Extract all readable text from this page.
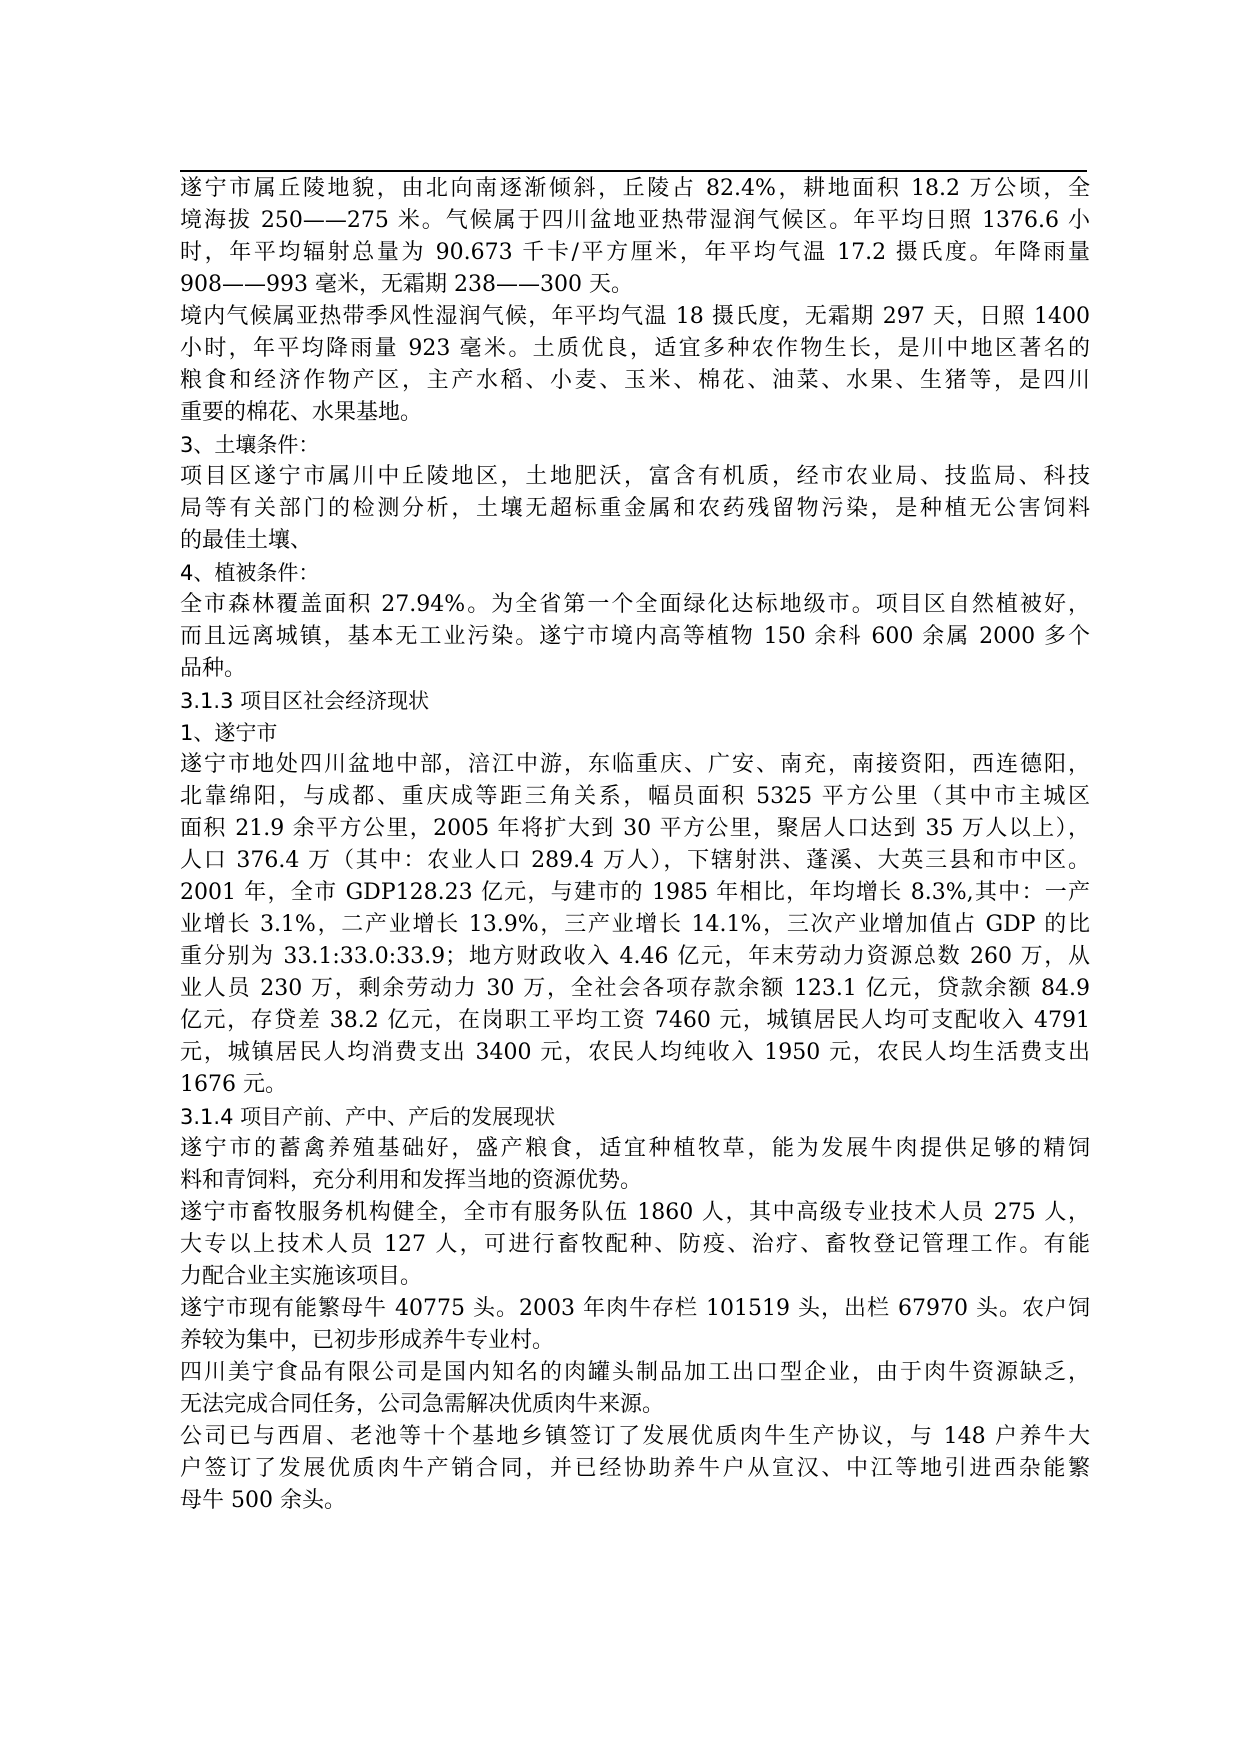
遂宁市属丘陵地貌，由北向南逐渐倾斜，丘陵占 82.4%，耕地面积 18.2 万公顷，全
境海拔 250——275 米。气候属于四川盆地亚热带湿润气候区。年平均日照 1376.6 小
时，年平均辐射总量为 90.673 千卡/平方厘米，年平均气温 17.2 摄氏度。年降雨量
908——993 毫米，无霜期 238——300 天。
境内气候属亚热带季风性湿润气候，年平均气温 18 摄氏度，无霜期 297 天，日照 1400
小时，年平均降雨量 923 毫米。土质优良，适宜多种农作物生长，是川中地区著名的
粮食和经济作物产区，主产水稻、小麦、玉米、棉花、油菜、水果、生猪等，是四川
重要的棉花、水果基地。
3、土壤条件：
项目区遂宁市属川中丘陵地区，土地肥沃，富含有机质，经市农业局、技监局、科技
局等有关部门的检测分析，土壤无超标重金属和农药残留物污染，是种植无公害饲料
的最佳土壤、
4、植被条件：
全市森林覆盖面积 27.94%。为全省第一个全面绿化达标地级市。项目区自然植被好，
而且远离城镇，基本无工业污染。遂宁市境内高等植物 150 余科 600 余属 2000 多个
品种。
3.1.3 项目区社会经济现状
1、遂宁市
遂宁市地处四川盆地中部，涪江中游，东临重庆、广安、南充，南接资阳，西连德阳，
北靠绵阳，与成都、重庆成等距三角关系，幅员面积 5325 平方公里（其中市主城区
面积 21.9 余平方公里，2005 年将扩大到 30 平方公里，聚居人口达到 35 万人以上），
人口 376.4 万（其中：农业人口 289.4 万人），下辖射洪、蓬溪、大英三县和市中区。
2001 年，全市 GDP128.23 亿元，与建市的 1985 年相比，年均增长 8.3%,其中：一产
业增长 3.1%，二产业增长 13.9%，三产业增长 14.1%，三次产业增加值占 GDP 的比
重分别为 33.1:33.0:33.9；地方财政收入 4.46 亿元，年末劳动力资源总数 260 万，从
业人员 230 万，剩余劳动力 30 万，全社会各项存款余额 123.1 亿元，贷款余额 84.9
亿元，存贷差 38.2 亿元，在岗职工平均工资 7460 元，城镇居民人均可支配收入 4791
元，城镇居民人均消费支出 3400 元，农民人均纯收入 1950 元，农民人均生活费支出
1676 元。
3.1.4 项目产前、产中、产后的发展现状
遂宁市的蓄禽养殖基础好，盛产粮食，适宜种植牧草，能为发展牛肉提供足够的精饲
料和青饲料，充分利用和发挥当地的资源优势。
遂宁市畜牧服务机构健全，全市有服务队伍 1860 人，其中高级专业技术人员 275 人，
大专以上技术人员 127 人，可进行畜牧配种、防疫、治疗、畜牧登记管理工作。有能
力配合业主实施该项目。
遂宁市现有能繁母牛 40775 头。2003 年肉牛存栏 101519 头，出栏 67970 头。农户饲
养较为集中，已初步形成养牛专业村。
四川美宁食品有限公司是国内知名的肉罐头制品加工出口型企业，由于肉牛资源缺乏，
无法完成合同任务，公司急需解决优质肉牛来源。
公司已与西眉、老池等十个基地乡镇签订了发展优质肉牛生产协议，与 148 户养牛大
户签订了发展优质肉牛产销合同，并已经协助养牛户从宣汉、中江等地引进西杂能繁
母牛 500 余头。
